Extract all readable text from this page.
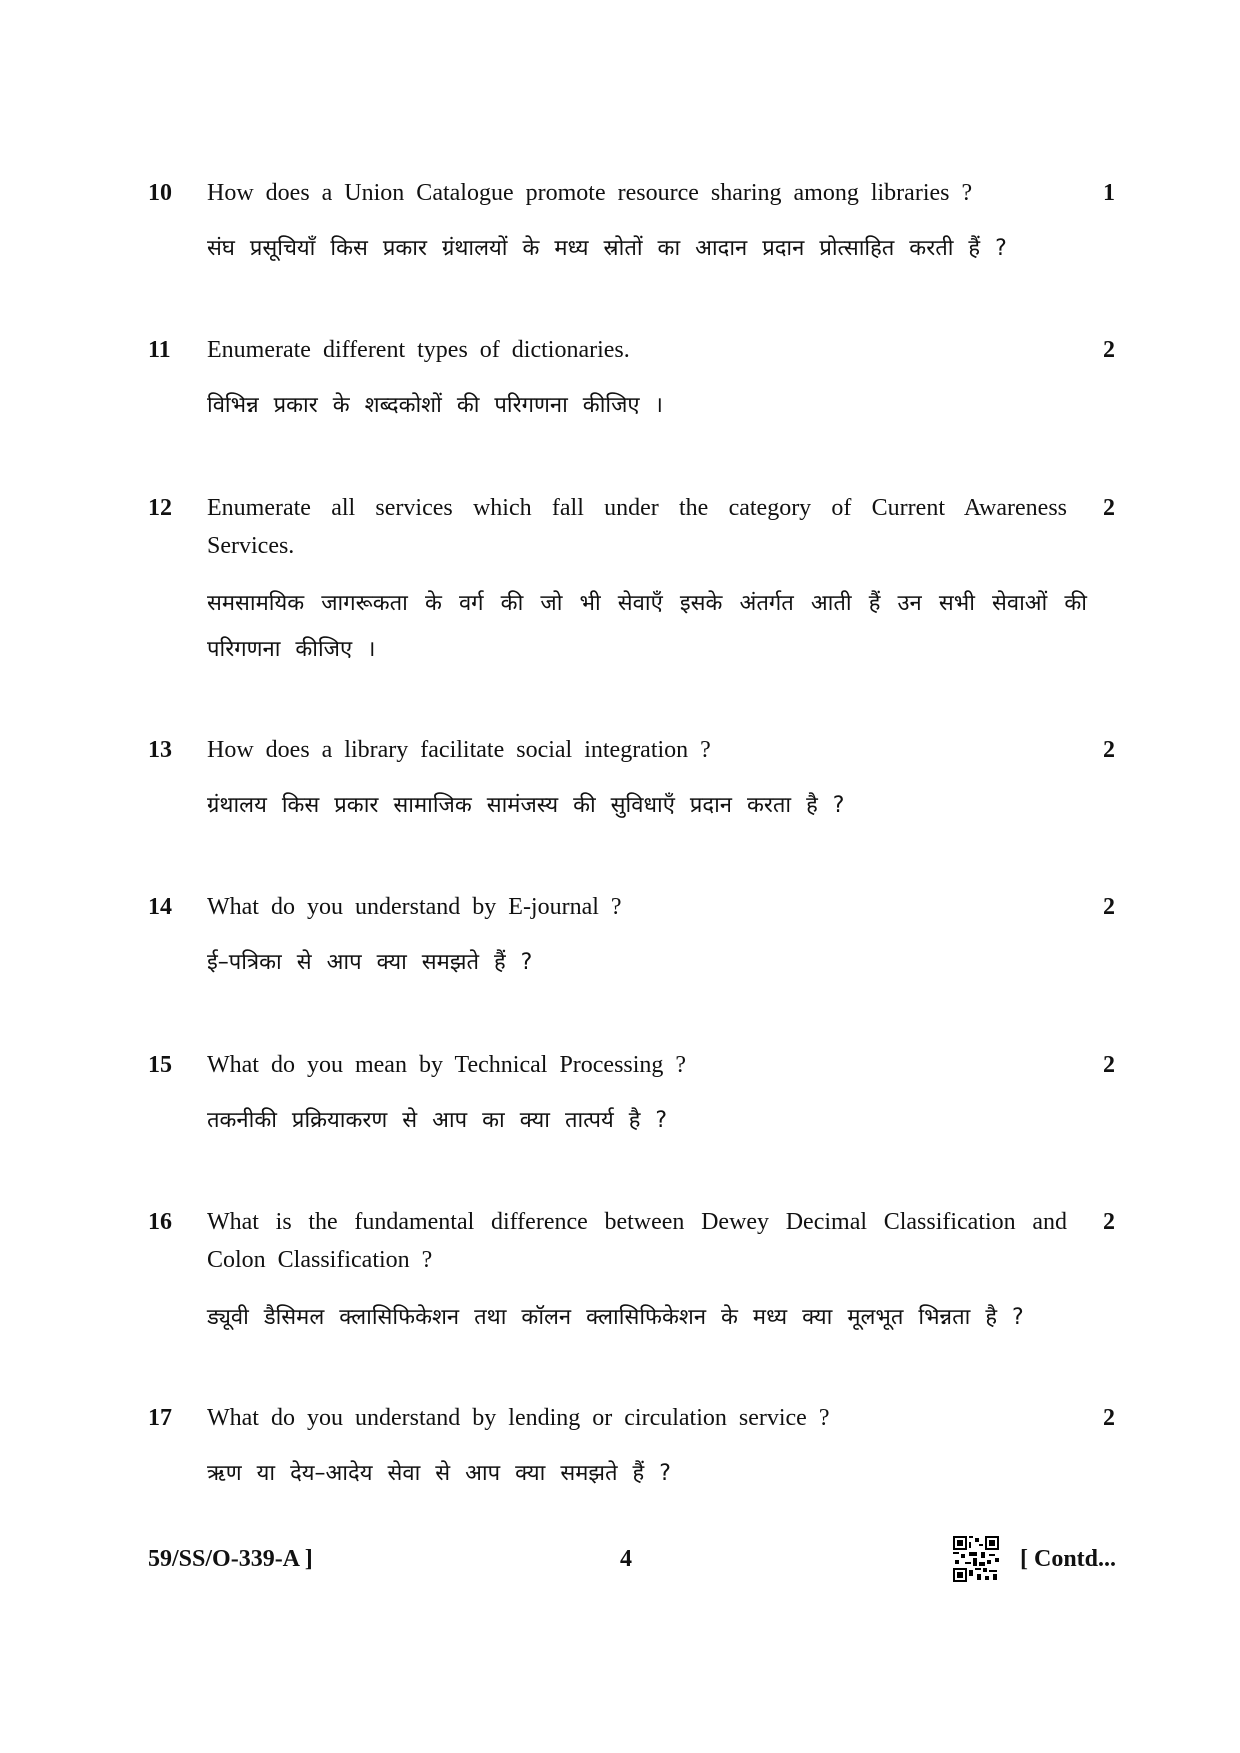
10 How does a Union Catalogue promote resource sharing among libraries ?
संघ प्रसूचियाँ किस प्रकार ग्रंथालयों के मध्य स्रोतों का आदान प्रदान प्रोत्साहित करती हैं ?
1
11 Enumerate different types of dictionaries.
विभिन्न प्रकार के शब्दकोशों की परिगणना कीजिए ।
2
12 Enumerate all services which fall under the category of Current Awareness Services.
समसामयिक जागरूकता के वर्ग की जो भी सेवाएँ इसके अंतर्गत आती हैं उन सभी सेवाओं की परिगणना कीजिए ।
2
13 How does a library facilitate social integration ?
ग्रंथालय किस प्रकार सामाजिक सामंजस्य की सुविधाएँ प्रदान करता है ?
2
14 What do you understand by E-journal ?
ई–पत्रिका से आप क्या समझते हैं ?
2
15 What do you mean by Technical Processing ?
तकनीकी प्रक्रियाकरण से आप का क्या तात्पर्य है ?
2
16 What is the fundamental difference between Dewey Decimal Classification and Colon Classification ?
ड्यूवी डैसिमल क्लासिफिकेशन तथा कॉलन क्लासिफिकेशन के मध्य क्या मूलभूत भिन्नता है ?
2
17 What do you understand by lending or circulation service ?
ऋण या देय–आदेय सेवा से आप क्या समझते हैं ?
2
59/SS/O-339-A ]	4	[ Contd...
